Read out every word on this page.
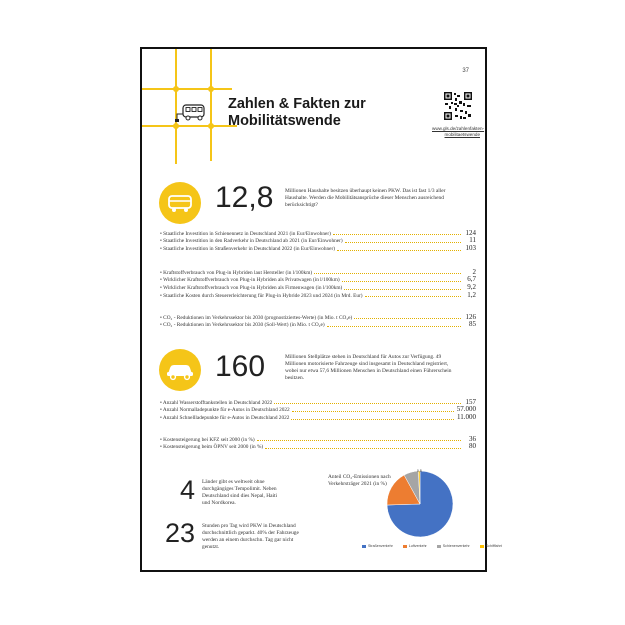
37
Zahlen & Fakten zur
Mobilitätswende	www.gls.de/zahlenfakten-mobilitaetswende
12,8 Millionen Haushalte besitzen überhaupt keinen PKW. Das ist fast 1/3 aller Haushalte. Werden die Mobilitätsansprüche dieser Menschen ausreichend berücksichtigt?
• Staatliche Investition in Schienennetz in Deutschland 2021 (in Eur/Einwohner)	124
• Staatliche Investition in den Radverkehr in Deutschland ab 2021 (in Eur/Einwohner)	11
• Staatliche Investition in Straßenverkehr in Deutschland 2022 (in Eur/Einwohner)	103
• Kraftstoffverbrauch von Plug-in Hybriden laut Hersteller (in l/100km)	2
• Wirklicher Kraftstoffverbrauch von Plug-in Hybriden als Privatwagen (in l/100km)	6,7
• Wirklicher Kraftstoffverbrauch von Plug-in Hybriden als Firmenwagen (in l/100km)	9,2
• Staatliche Kosten durch Steuererleichterung für Plug-in Hybride 2023 und 2024 (in Mrd. Eur)	1,2
• CO₂ - Reduktionen im Verkehrssektor bis 2030 (prognostiziertes-Werte) (in Mio. t CO₂e)	126
• CO₂ - Reduktionen im Verkehrssektor bis 2030 (Soll-Wert) (in Mio. t CO₂e)	85
160	Millionen Stellplätze stehen in Deutschland für Autos zur Verfügung. 49 Millionen motorisierte Fahrzeuge sind insgesamt in Deutschland registriert, wobei nur etwa 57,6 Millionen Menschen in Deutschland einen Führerschein besitzen.
• Anzahl Wasserstofftankstellen in Deutschland 2022	157
• Anzahl Normalladepunkte für e-Autos in Deutschland 2022	57.000
• Anzahl Schnellladepunkte für e-Autos in Deutschland 2022	11.000
• Kostensteigerung bei KFZ seit 2000 (in %)	36
• Kostensteigerung beim ÖPNV seit 2000 (in %)	80
4 Länder gibt es weltweit ohne durchgängiges Tempolimit. Neben Deutschland sind dies Nepal, Haiti und Nordkorea.
23 Stunden pro Tag wird PKW in Deutschland durchschnittlich geparkt. 40% der Fahrzeuge werden an einem durchschn. Tag gar nicht genutzt.
Anteil CO₂-Emissionen nach Verkehrsträger 2021 (in %)
0,8
Straßenverkehr	Luftverkehr	Schienenverkehr	Schifffahrt
